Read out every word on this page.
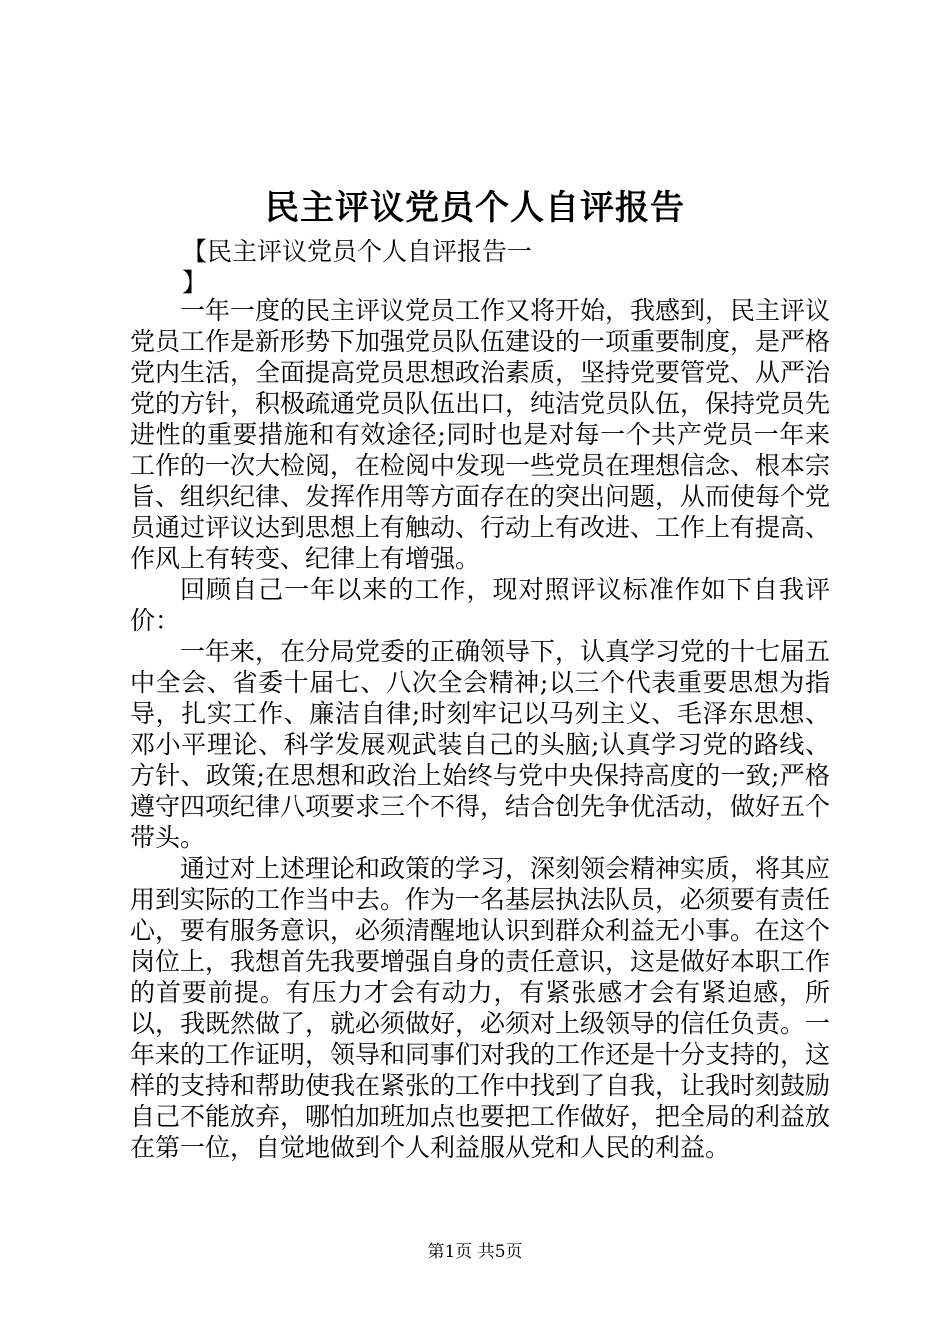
民主评议党员个人自评报告
【民主评议党员个人自评报告一
】

一年一度的民主评议党员工作又将开始，我感到，民主评议党员工作是新形势下加强党员队伍建设的一项重要制度，是严格党内生活，全面提高党员思想政治素质，坚持党要管党、从严治党的方针，积极疏通党员队伍出口，纯洁党员队伍，保持党员先进性的重要措施和有效途径;同时也是对每一个共产党员一年来工作的一次大检阅，在检阅中发现一些党员在理想信念、根本宗旨、组织纪律、发挥作用等方面存在的突出问题，从而使每个党员通过评议达到思想上有触动、行动上有改进、工作上有提高、作风上有转变、纪律上有增强。

回顾自己一年以来的工作，现对照评议标准作如下自我评价：

一年来，在分局党委的正确领导下，认真学习党的十七届五中全会、省委十届七、八次全会精神;以三个代表重要思想为指导，扎实工作、廉洁自律;时刻牢记以马列主义、毛泽东思想、邓小平理论、科学发展观武装自己的头脑;认真学习党的路线、方针、政策;在思想和政治上始终与党中央保持高度的一致;严格遵守四项纪律八项要求三个不得，结合创先争优活动，做好五个带头。

通过对上述理论和政策的学习，深刻领会精神实质，将其应用到实际的工作当中去。作为一名基层执法队员，必须要有责任心，要有服务意识，必须清醒地认识到群众利益无小事。在这个岗位上，我想首先我要增强自身的责任意识，这是做好本职工作的首要前提。有压力才会有动力，有紧张感才会有紧迫感，所以，我既然做了，就必须做好，必须对上级领导的信任负责。一年来的工作证明，领导和同事们对我的工作还是十分支持的，这样的支持和帮助使我在紧张的工作中找到了自我，让我时刻鼓励自己不能放弃，哪怕加班加点也要把工作做好，把全局的利益放在第一位，自觉地做到个人利益服从党和人民的利益。

第1页 共5页
